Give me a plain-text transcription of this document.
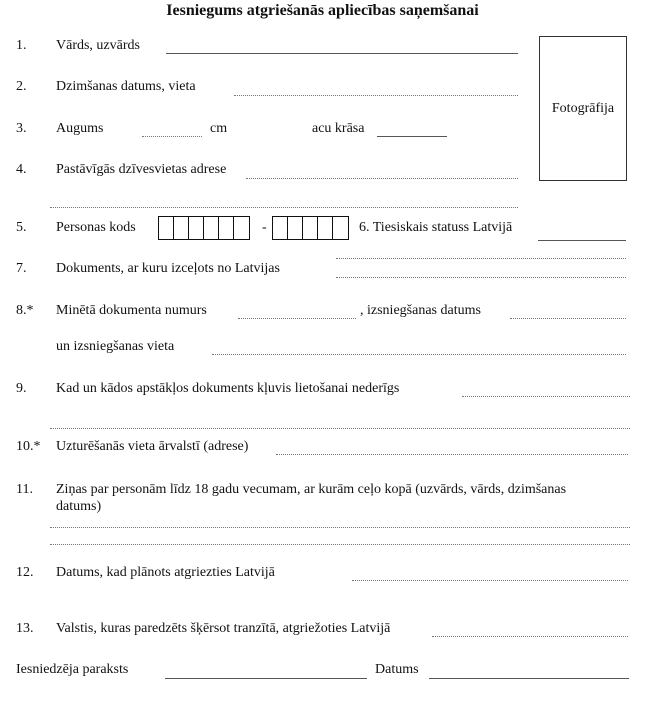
Iesniegums atgriešanās apliecības saņemšanai
Fotogrāfija
1. Vārds, uzvārds
2. Dzimšanas datums, vieta
3. Augums	cm	acu krāsa
4. Pastāvīgās dzīvesvietas adrese
5. Personas kods	-	6. Tiesiskais statuss Latvijā
7. Dokuments, ar kuru izceļots no Latvijas
8.* Minētā dokumenta numurs	, izsniegšanas datums
un izsniegšanas vieta
9. Kad un kādos apstākļos dokuments kļuvis lietošanai nederīgs
10.* Uzturēšanās vieta ārvalstī (adrese)
11. Ziņas par personām līdz 18 gadu vecumam, ar kurām ceļo kopā (uzvārds, vārds, dzimšanas
datums)
12. Datums, kad plānots atgriezties Latvijā
13. Valstis, kuras paredzēts šķērsot tranzītā, atgriežoties Latvijā
Iesniedzēja paraksts	Datums
